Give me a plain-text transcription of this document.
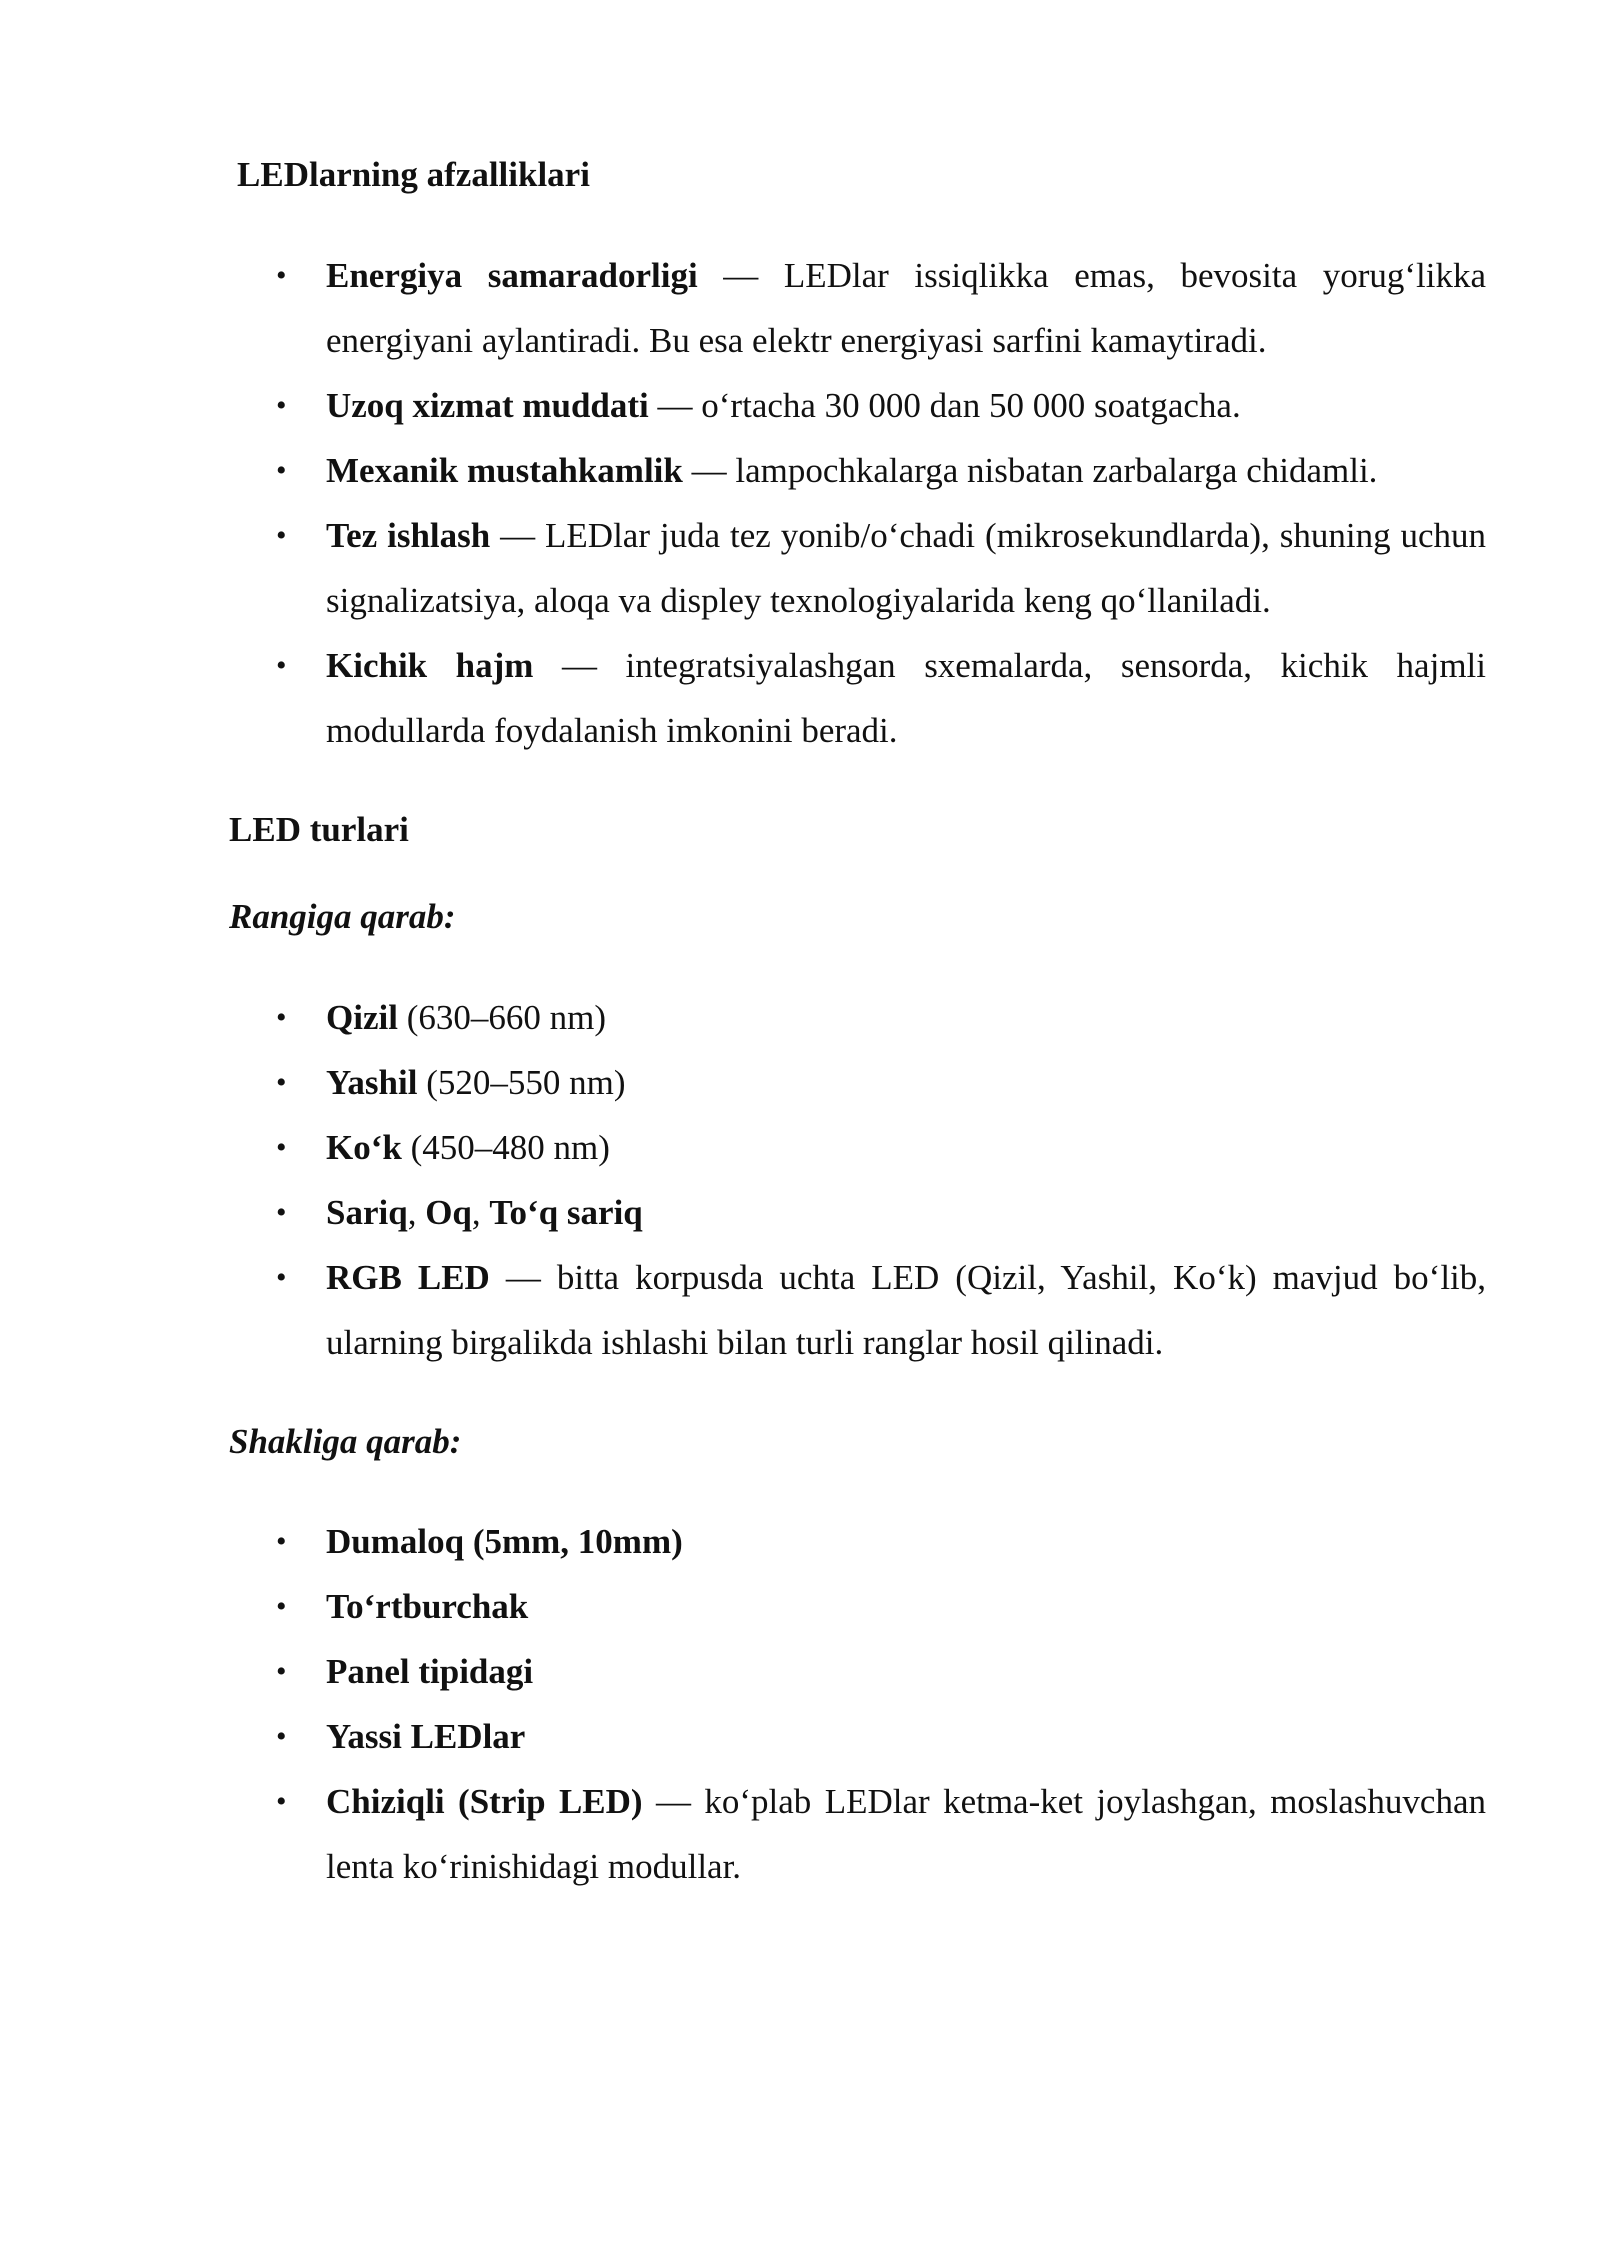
LEDlarning afzalliklari
• Energiya samaradorligi — LEDlar issiqlikka emas, bevosita yorug‘likka energiyani aylantiradi. Bu esa elektr energiyasi sarfini kamaytiradi.
• Uzoq xizmat muddati — o‘rtacha 30 000 dan 50 000 soatgacha.
• Mexanik mustahkamlik — lampochkalarga nisbatan zarbalarga chidamli.
• Tez ishlash — LEDlar juda tez yonib/o‘chadi (mikrosekundlarda), shuning uchun signalizatsiya, aloqa va displey texnologiyalarida keng qo‘llaniladi.
• Kichik hajm — integratsiyalashgan sxemalarda, sensorda, kichik hajmli modullarda foydalanish imkonini beradi.
LED turlari
Rangiga qarab:
• Qizil (630–660 nm)
• Yashil (520–550 nm)
• Ko‘k (450–480 nm)
• Sariq, Oq, To‘q sariq
• RGB LED — bitta korpusda uchta LED (Qizil, Yashil, Ko‘k) mavjud bo‘lib, ularning birgalikda ishlashi bilan turli ranglar hosil qilinadi.
Shakliga qarab:
• Dumaloq (5mm, 10mm)
• To‘rtburchak
• Panel tipidagi
• Yassi LEDlar
• Chiziqli (Strip LED) — ko‘plab LEDlar ketma-ket joylashgan, moslashuvchan lenta ko‘rinishidagi modullar.
